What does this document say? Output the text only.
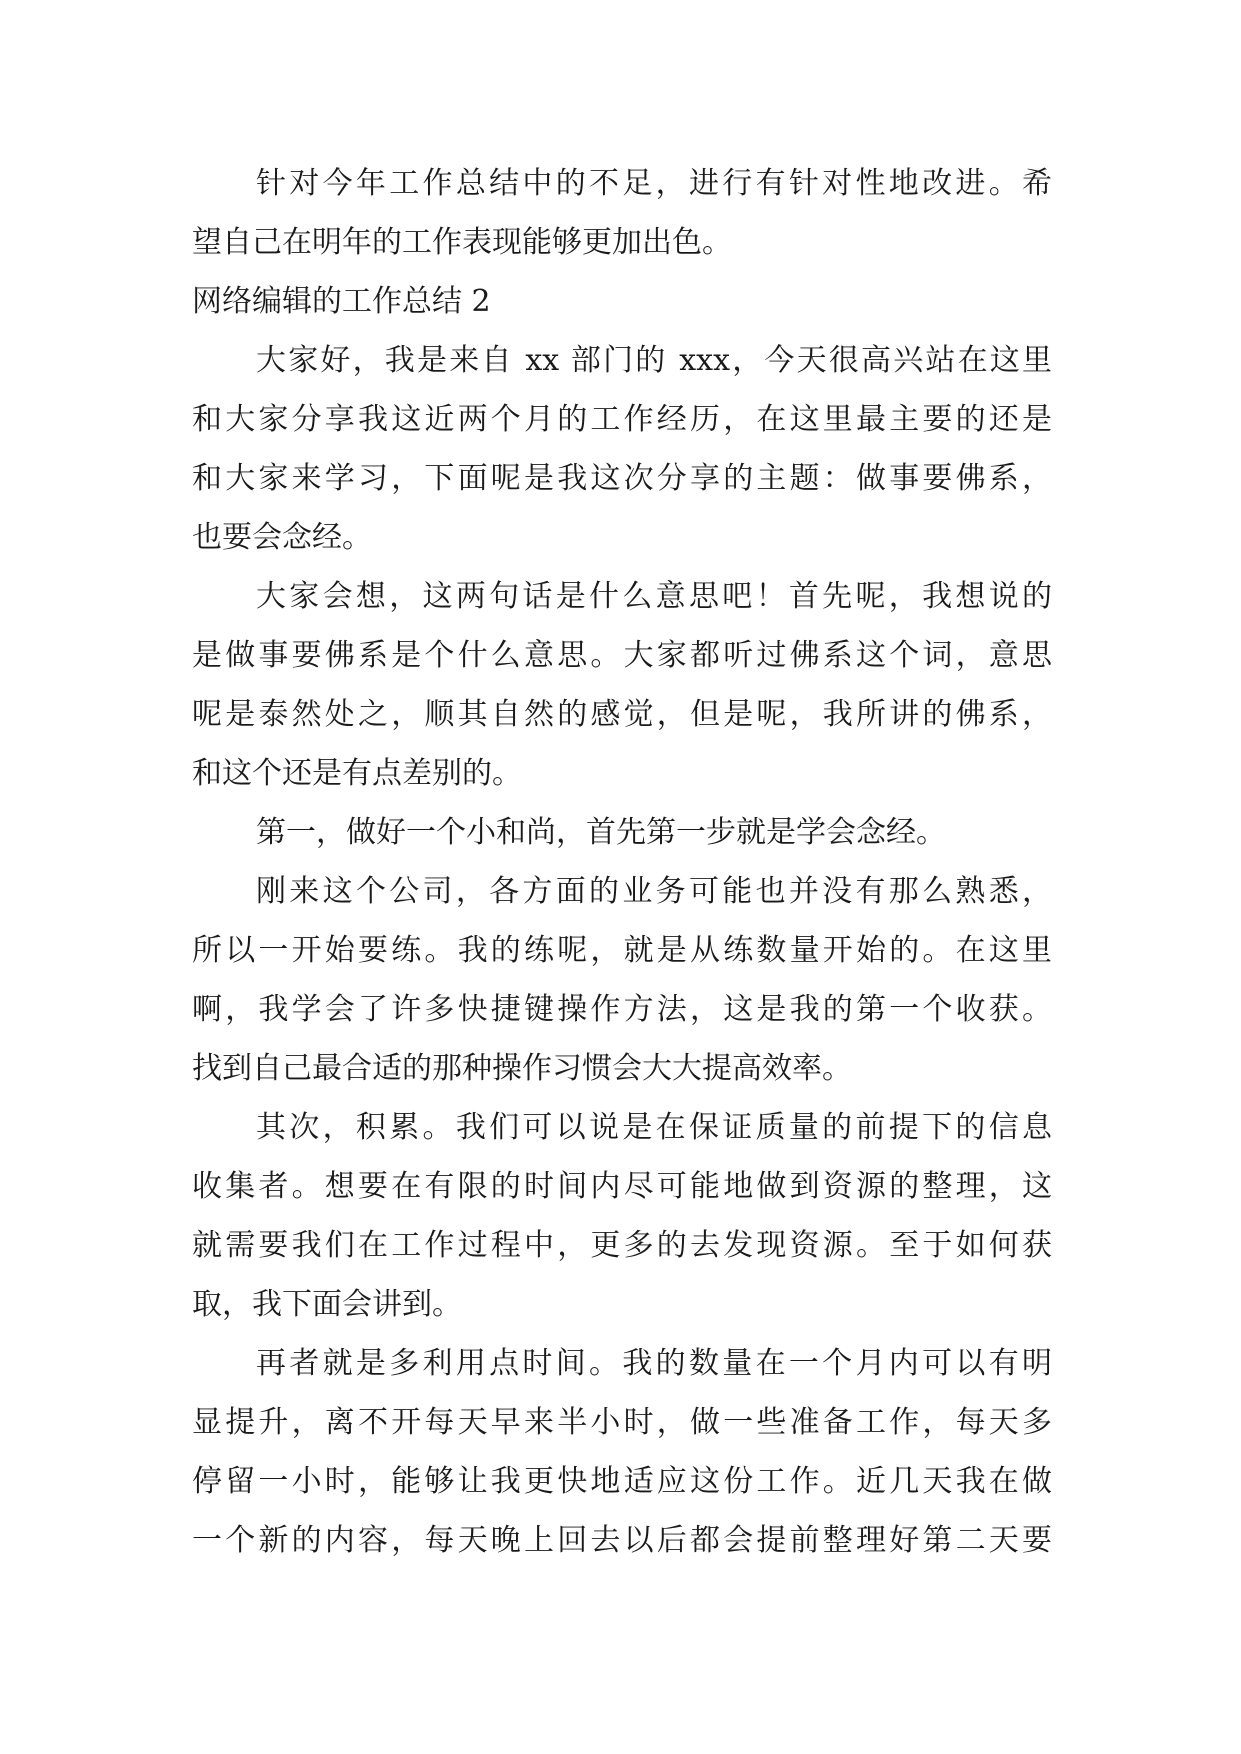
针对今年工作总结中的不足，进行有针对性地改进。希
望自己在明年的工作表现能够更加出色。
网络编辑的工作总结 2
大家好，我是来自 xx 部门的 xxx，今天很高兴站在这里
和大家分享我这近两个月的工作经历，在这里最主要的还是
和大家来学习，下面呢是我这次分享的主题：做事要佛系，
也要会念经。
大家会想，这两句话是什么意思吧！首先呢，我想说的
是做事要佛系是个什么意思。大家都听过佛系这个词，意思
呢是泰然处之，顺其自然的感觉，但是呢，我所讲的佛系，
和这个还是有点差别的。
第一，做好一个小和尚，首先第一步就是学会念经。
刚来这个公司，各方面的业务可能也并没有那么熟悉，
所以一开始要练。我的练呢，就是从练数量开始的。在这里
啊，我学会了许多快捷键操作方法，这是我的第一个收获。
找到自己最合适的那种操作习惯会大大提高效率。
其次，积累。我们可以说是在保证质量的前提下的信息
收集者。想要在有限的时间内尽可能地做到资源的整理，这
就需要我们在工作过程中，更多的去发现资源。至于如何获
取，我下面会讲到。
再者就是多利用点时间。我的数量在一个月内可以有明
显提升，离不开每天早来半小时，做一些准备工作，每天多
停留一小时，能够让我更快地适应这份工作。近几天我在做
一个新的内容，每天晚上回去以后都会提前整理好第二天要
